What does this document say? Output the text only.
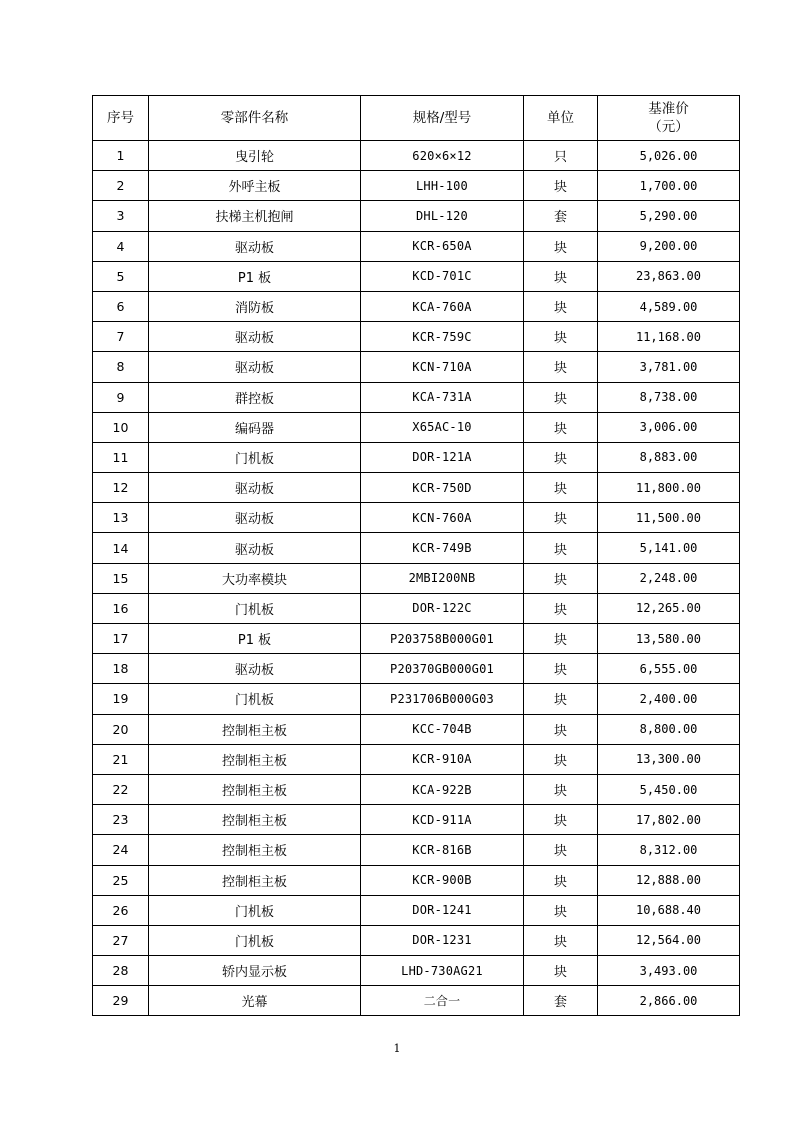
序号	零部件名称	规格/型号	单位	基准价
（元）

1	曳引轮	620×6×12	只	5,026.00
2	外呼主板	LHH-100	块	1,700.00
3	扶梯主机抱闸	DHL-120	套	5,290.00
4	驱动板	KCR-650A	块	9,200.00
5	P1 板	KCD-701C	块	23,863.00
6	消防板	KCA-760A	块	4,589.00
7	驱动板	KCR-759C	块	11,168.00
8	驱动板	KCN-710A	块	3,781.00
9	群控板	KCA-731A	块	8,738.00
10	编码器	X65AC-10	块	3,006.00
11	门机板	DOR-121A	块	8,883.00
12	驱动板	KCR-750D	块	11,800.00
13	驱动板	KCN-760A	块	11,500.00
14	驱动板	KCR-749B	块	5,141.00
15	大功率模块	2MBI200NB	块	2,248.00
16	门机板	DOR-122C	块	12,265.00
17	P1 板	P203758B000G01	块	13,580.00
18	驱动板	P20370GB000G01	块	6,555.00
19	门机板	P231706B000G03	块	2,400.00
20	控制柜主板	KCC-704B	块	8,800.00
21	控制柜主板	KCR-910A	块	13,300.00
22	控制柜主板	KCA-922B	块	5,450.00
23	控制柜主板	KCD-911A	块	17,802.00
24	控制柜主板	KCR-816B	块	8,312.00
25	控制柜主板	KCR-900B	块	12,888.00
26	门机板	DOR-1241	块	10,688.40
27	门机板	DOR-1231	块	12,564.00
28	轿内显示板	LHD-730AG21	块	3,493.00
29	光幕	二合一	套	2,866.00
1
